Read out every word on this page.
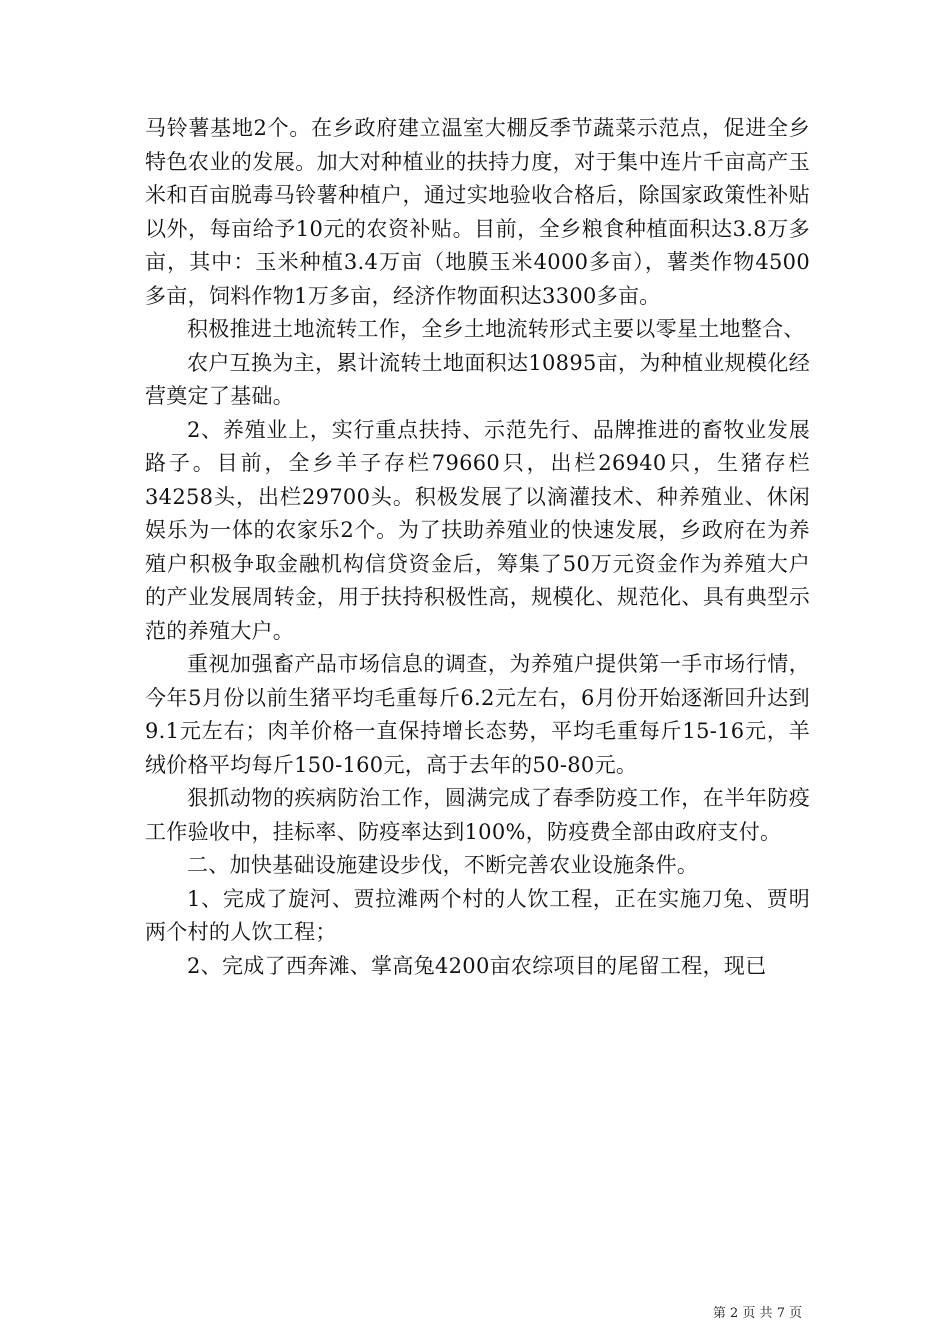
马铃薯基地2个。在乡政府建立温室大棚反季节蔬菜示范点，促进全乡特色农业的发展。加大对种植业的扶持力度，对于集中连片千亩高产玉米和百亩脱毒马铃薯种植户，通过实地验收合格后，除国家政策性补贴以外，每亩给予10元的农资补贴。目前，全乡粮食种植面积达3.8万多亩，其中：玉米种植3.4万亩（地膜玉米4000多亩），薯类作物4500多亩，饲料作物1万多亩，经济作物面积达3300多亩。

积极推进土地流转工作，全乡土地流转形式主要以零星土地整合、

农户互换为主，累计流转土地面积达10895亩，为种植业规模化经营奠定了基础。

2、养殖业上，实行重点扶持、示范先行、品牌推进的畜牧业发展路子。目前，全乡羊子存栏79660只，出栏26940只，生猪存栏34258头，出栏29700头。积极发展了以滴灌技术、种养殖业、休闲娱乐为一体的农家乐2个。为了扶助养殖业的快速发展，乡政府在为养殖户积极争取金融机构信贷资金后，筹集了50万元资金作为养殖大户的产业发展周转金，用于扶持积极性高，规模化、规范化、具有典型示范的养殖大户。

重视加强畜产品市场信息的调查，为养殖户提供第一手市场行情，今年5月份以前生猪平均毛重每斤6.2元左右，6月份开始逐渐回升达到9.1元左右；肉羊价格一直保持增长态势，平均毛重每斤15-16元，羊绒价格平均每斤150-160元，高于去年的50-80元。

狠抓动物的疾病防治工作，圆满完成了春季防疫工作，在半年防疫工作验收中，挂标率、防疫率达到100%，防疫费全部由政府支付。

二、加快基础设施建设步伐，不断完善农业设施条件。

1、完成了旋河、贾拉滩两个村的人饮工程，正在实施刀兔、贾明两个村的人饮工程；

2、完成了西奔滩、掌高兔4200亩农综项目的尾留工程，现已

第 2 页 共 7 页
